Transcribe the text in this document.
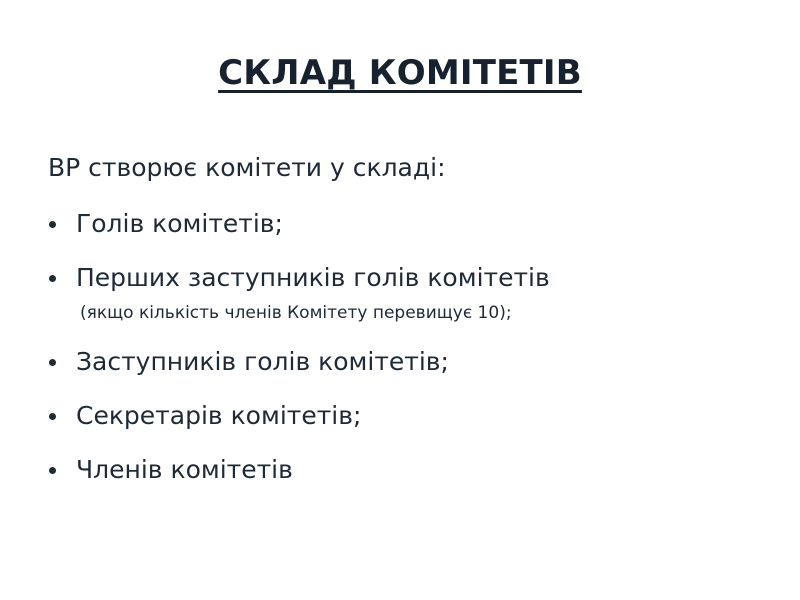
СКЛАД КОМІТЕТІВ
ВР створює комітети у складі:
Голів комітетів;
Перших заступників голів комітетів
(якщо кількість членів Комітету перевищує 10);
Заступників голів комітетів;
Секретарів комітетів;
Членів комітетів
